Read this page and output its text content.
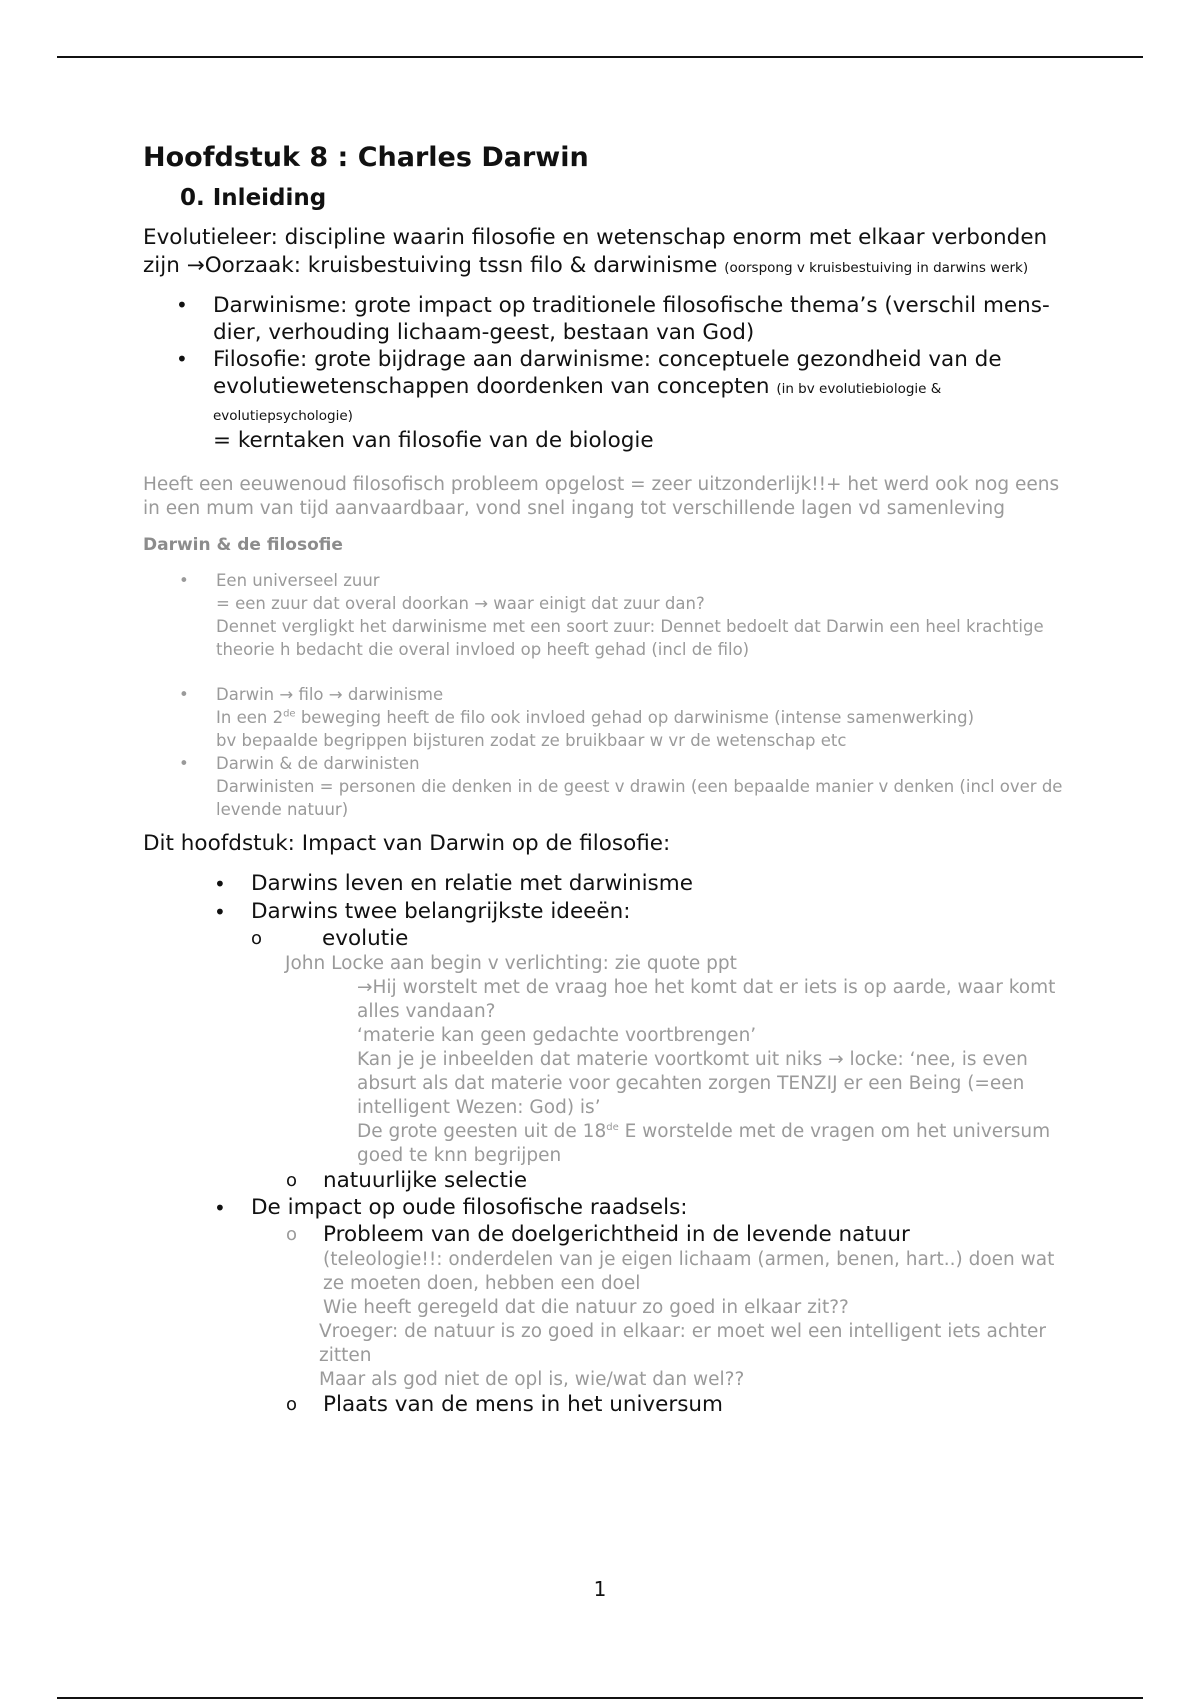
Hoofdstuk 8 : Charles Darwin
0. Inleiding
Evolutieleer: discipline waarin filosofie en wetenschap enorm met elkaar verbonden zijn →Oorzaak: kruisbestuiving tssn filo & darwinisme (oorspong v kruisbestuiving in darwins werk)
• Darwinisme: grote impact op traditionele filosofische thema’s (verschil mens-dier, verhouding lichaam-geest, bestaan van God)
• Filosofie: grote bijdrage aan darwinisme: conceptuele gezondheid van de evolutiewetenschappen doordenken van concepten (in bv evolutiebiologie & evolutiepsychologie)
= kerntaken van filosofie van de biologie
Heeft een eeuwenoud filosofisch probleem opgelost = zeer uitzonderlijk!!+ het werd ook nog eens in een mum van tijd aanvaardbaar, vond snel ingang tot verschillende lagen vd samenleving
Darwin & de filosofie
• Een universeel zuur
= een zuur dat overal doorkan → waar einigt dat zuur dan?
Dennet vergligkt het darwinisme met een soort zuur: Dennet bedoelt dat Darwin een heel krachtige theorie h bedacht die overal invloed op heeft gehad (incl de filo)
• Darwin → filo → darwinisme
In een 2de beweging heeft de filo ook invloed gehad op darwinisme (intense samenwerking)
bv bepaalde begrippen bijsturen zodat ze bruikbaar w vr de wetenschap etc
• Darwin & de darwinisten
Darwinisten = personen die denken in de geest v drawin (een bepaalde manier v denken (incl over de levende natuur)
Dit hoofdstuk: Impact van Darwin op de filosofie:
• Darwins leven en relatie met darwinisme
• Darwins twee belangrijkste ideeën:
o	evolutie
John Locke aan begin v verlichting: zie quote ppt
→Hij worstelt met de vraag hoe het komt dat er iets is op aarde, waar komt alles vandaan?
‘materie kan geen gedachte voortbrengen’
Kan je je inbeelden dat materie voortkomt uit niks → locke: ‘nee, is even absurt als dat materie voor gecahten zorgen TENZIJ er een Being (=een intelligent Wezen: God) is’
De grote geesten uit de 18de E worstelde met de vragen om het universum goed te knn begrijpen
o natuurlijke selectie
• De impact op oude filosofische raadsels:
o Probleem van de doelgerichtheid in de levende natuur
(teleologie!!: onderdelen van je eigen lichaam (armen, benen, hart..) doen wat ze moeten doen, hebben een doel
Wie heeft geregeld dat die natuur zo goed in elkaar zit??
Vroeger: de natuur is zo goed in elkaar: er moet wel een intelligent iets achter zitten
Maar als god niet de opl is, wie/wat dan wel??
o Plaats van de mens in het universum
1
